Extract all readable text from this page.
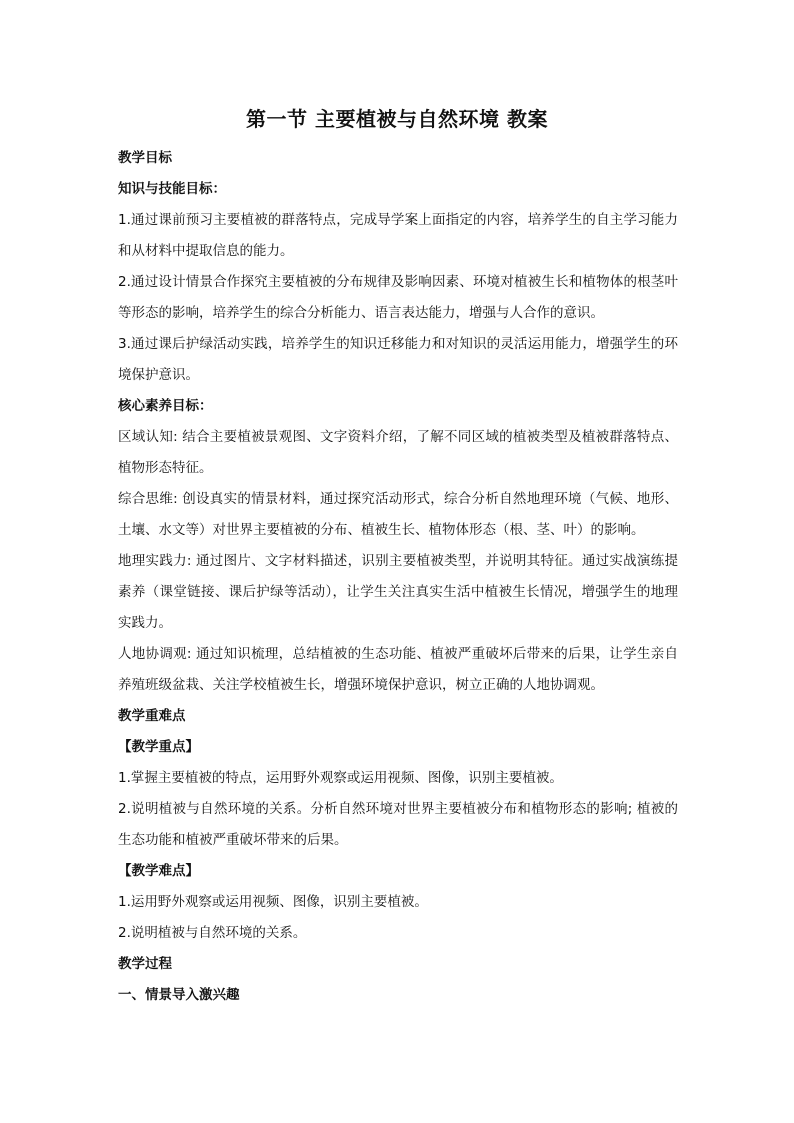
第一节 主要植被与自然环境 教案

教学目标

知识与技能目标：

1.通过课前预习主要植被的群落特点，完成导学案上面指定的内容，培养学生的自主学习能力和从材料中提取信息的能力。

2.通过设计情景合作探究主要植被的分布规律及影响因素、环境对植被生长和植物体的根茎叶等形态的影响，培养学生的综合分析能力、语言表达能力，增强与人合作的意识。

3.通过课后护绿活动实践，培养学生的知识迁移能力和对知识的灵活运用能力，增强学生的环境保护意识。

核心素养目标：

区域认知: 结合主要植被景观图、文字资料介绍，了解不同区域的植被类型及植被群落特点、植物形态特征。

综合思维: 创设真实的情景材料，通过探究活动形式，综合分析自然地理环境（气候、地形、土壤、水文等）对世界主要植被的分布、植被生长、植物体形态（根、茎、叶）的影响。

地理实践力: 通过图片、文字材料描述，识别主要植被类型，并说明其特征。通过实战演练提素养（课堂链接、课后护绿等活动），让学生关注真实生活中植被生长情况，增强学生的地理实践力。

人地协调观: 通过知识梳理，总结植被的生态功能、植被严重破坏后带来的后果，让学生亲自养殖班级盆栽、关注学校植被生长，增强环境保护意识，树立正确的人地协调观。

教学重难点

【教学重点】

1.掌握主要植被的特点，运用野外观察或运用视频、图像，识别主要植被。

2.说明植被与自然环境的关系。分析自然环境对世界主要植被分布和植物形态的影响; 植被的生态功能和植被严重破坏带来的后果。

【教学难点】

1.运用野外观察或运用视频、图像，识别主要植被。

2.说明植被与自然环境的关系。

教学过程

一、情景导入激兴趣
